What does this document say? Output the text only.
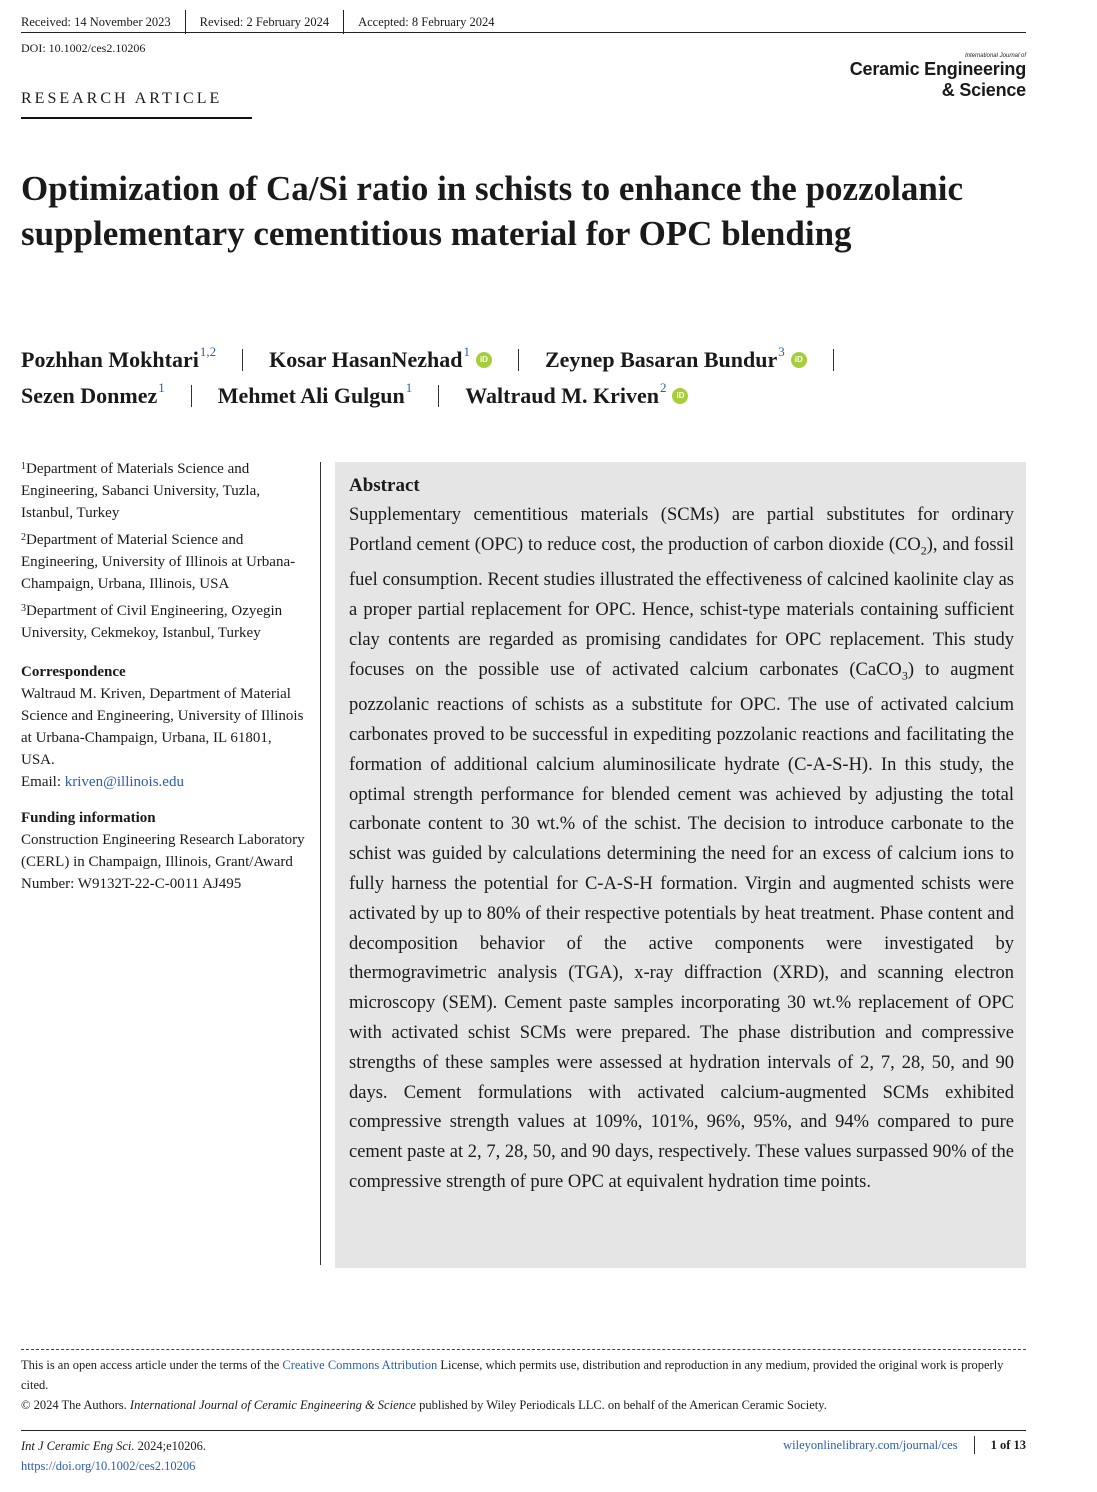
Received: 14 November 2023	Revised: 2 February 2024	Accepted: 8 February 2024
DOI: 10.1002/ces2.10206
International Journal of
Ceramic Engineering
& Science
RESEARCH ARTICLE
Optimization of Ca/Si ratio in schists to enhance the pozzolanic supplementary cementitious material for OPC blending
Pozhhan Mokhtari$^{1,2}$ Kosar HasanNezhad$^1$
iD	Zeynep Basaran Bundur$^3$
iD
Sezen Donmez$^1$ Mehmet Ali Gulgun$^1$ Waltraud M. Kriven$^2$
iD
$^1$Department of Materials Science and Engineering, Sabanci University, Tuzla, Istanbul, Turkey
$^2$Department of Material Science and Engineering, University of Illinois at Urbana-Champaign, Urbana, Illinois, USA
$^3$Department of Civil Engineering, Ozyegin University, Cekmekoy, Istanbul, Turkey
Correspondence
Waltraud M. Kriven, Department of Material Science and Engineering, University of Illinois at Urbana-Champaign, Urbana, IL 61801, USA.
Email: kriven@illinois.edu
Funding information
Construction Engineering Research Laboratory (CERL) in Champaign, Illinois, Grant/Award Number: W9132T-22-C-0011 AJ495
Abstract
Supplementary cementitious materials (SCMs) are partial substitutes for ordinary Portland cement (OPC) to reduce cost, the production of carbon dioxide $(CO_2)$, and fossil fuel consumption. Recent studies illustrated the effectiveness of calcined kaolinite clay as a proper partial replacement for OPC. Hence, schist-type materials containing sufficient clay contents are regarded as promising candidates for OPC replacement. This study focuses on the possible use of activated calcium carbonates (CaCO$_3$) to augment pozzolanic reactions of schists as a substitute for OPC. The use of activated calcium carbonates proved to be successful in expediting pozzolanic reactions and facilitating the formation of additional calcium aluminosilicate hydrate (C-A-S-H). In this study, the optimal strength performance for blended cement was achieved by adjusting the total carbonate content to 30 wt.% of the schist. The decision to introduce carbonate to the schist was guided by calculations determining the need for an excess of calcium ions to fully harness the potential for C-A-S-H formation. Virgin and augmented schists were activated by up to 80% of their respective potentials by heat treatment. Phase content and decomposition behavior of the active components were investigated by thermogravimetric analysis (TGA), x-ray diffraction (XRD), and scanning electron microscopy (SEM). Cement paste samples incorporating 30 wt.% replacement of OPC with activated schist SCMs were prepared. The phase distribution and compressive strengths of these samples were assessed at hydration intervals of 2, 7, 28, 50, and 90 days. Cement formulations with activated calcium-augmented SCMs exhibited compressive strength values at 109%, 101%, 96%, 95%, and 94% compared to pure cement paste at 2, 7, 28, 50, and 90 days, respectively. These values surpassed 90% of the compressive strength of pure OPC at equivalent hydration time points.
This is an open access article under the terms of the Creative Commons Attribution License, which permits use, distribution and reproduction in any medium, provided the original work is properly cited.
© 2024 The Authors. International Journal of Ceramic Engineering & Science published by Wiley Periodicals LLC. on behalf of the American Ceramic Society.
Int J Ceramic Eng Sci. 2024;e10206.
https://doi.org/10.1002/ces2.10206
wileyonlinelibrary.com/journal/ces	1 of 13
